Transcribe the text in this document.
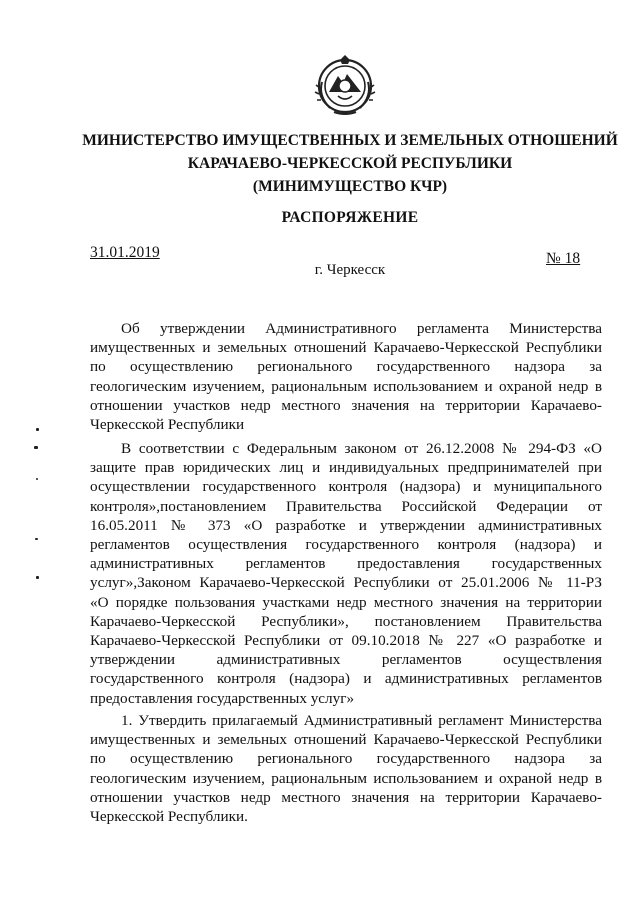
МИНИСТЕРСТВО ИМУЩЕСТВЕННЫХ И ЗЕМЕЛЬНЫХ ОТНОШЕНИЙ
КАРАЧАЕВО-ЧЕРКЕССКОЙ РЕСПУБЛИКИ
(МИНИМУЩЕСТВО КЧР)
РАСПОРЯЖЕНИЕ
31.01.2019	№ 18
г. Черкесск
Об утверждении Административного регламента Министерства
имущественных и земельных отношений Карачаево-Черкесской Республики
по осуществлению регионального государственного надзора за
геологическим изучением, рациональным использованием и охраной недр в
отношении участков недр местного значения на территории Карачаево-
Черкесской Республики
В соответствии с Федеральным законом от 26.12.2008 № 294-ФЗ «О
защите прав юридических лиц и индивидуальных предпринимателей при
осуществлении государственного контроля (надзора) и муниципального
контроля»,постановлением Правительства Российской Федерации от
16.05.2011 № 373 «О разработке и утверждении административных
регламентов осуществления государственного контроля (надзора) и
административных регламентов предоставления государственных
услуг»,Законом Карачаево-Черкесской Республики от 25.01.2006 № 11-РЗ
«О порядке пользования участками недр местного значения на территории
Карачаево-Черкесской Республики», постановлением Правительства
Карачаево-Черкесской Республики от 09.10.2018 № 227 «О разработке и
утверждении административных регламентов осуществления
государственного контроля (надзора) и административных регламентов
предоставления государственных услуг»
1. Утвердить прилагаемый Административный регламент Министерства
имущественных и земельных отношений Карачаево-Черкесской Республики
по осуществлению регионального государственного надзора за
геологическим изучением, рациональным использованием и охраной недр в
отношении участков недр местного значения на территории Карачаево-
Черкесской Республики.
